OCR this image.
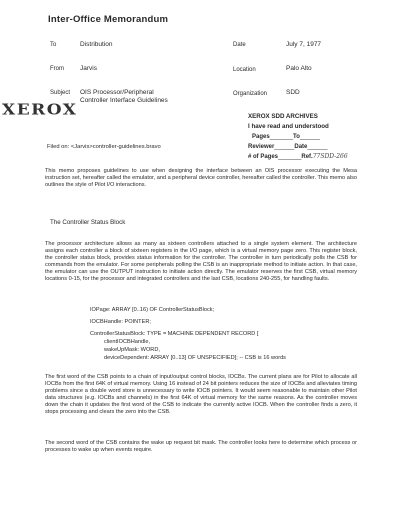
Inter-Office Memorandum
To	Distribution	Date	July 7, 1977
From Jarvis	Location	Palo Alto
Subject OIS Processor/Peripheral
Controller Interface Guidelines
Organization	SDD
XEROX	XEROX SDD ARCHIVES
I have read and understood
Pages_______To______
Reviewer______Date______
# of Pages_______Ref.77SDD-266
Filed on: <Jarvis>controller-guidelines.bravo
This memo proposes guidelines to use when designing the interface between an OIS processor executing the Mesa instruction set, hereafter called the emulator, and a peripheral device controller, hereafter called the controller. This memo also outlines the style of Pilot I/O interactions.
The Controller Status Block
The processor architecture allows as many as sixteen controllers attached to a single system element. The architecture assigns each controller a block of sixteen registers in the I/O page, which is a virtual memory page zero. This register block, the controller status block, provides status information for the controller. The controller in turn periodically polls the CSB for commands from the emulator. For some peripherals polling the CSB is an inappropriate method to initiate action. In that case, the emulator can use the OUTPUT instruction to initiate action directly. The emulator reserves the first CSB, virtual memory locations 0-15, for the processor and integrated controllers and the last CSB, locations 240-255, for handling faults.
IOPage: ARRAY [0..16) OF ControllerStatusBlock;
IOCBHandle: POINTER;
ControllerStatusBlock: TYPE = MACHINE DEPENDENT RECORD [
clientIOCBHandle,
wakeUpMask: WORD,
deviceDependent: ARRAY [0..13] OF UNSPECIFIED]; -- CSB is 16 words
The first word of the CSB points to a chain of input/output control blocks, IOCBs. The current plans are for Pilot to allocate all IOCBs from the first 64K of virtual memory. Using 16 instead of 24 bit pointers reduces the size of IOCBs and alleviates timing problems since a double word store is unnecessary to write IOCB pointers. It would seem reasonable to maintain other Pilot data structures (e.g. IOCBs and channels) in the first 64K of virtual memory for the same reasons. As the controller moves down the chain it updates the first word of the CSB to indicate the currently active IOCB. When the controller finds a zero, it stops processing and clears the zero into the CSB.
The second word of the CSB contains the wake up request bit mask. The controller looks here to determine which process or processes to wake up when events require.
